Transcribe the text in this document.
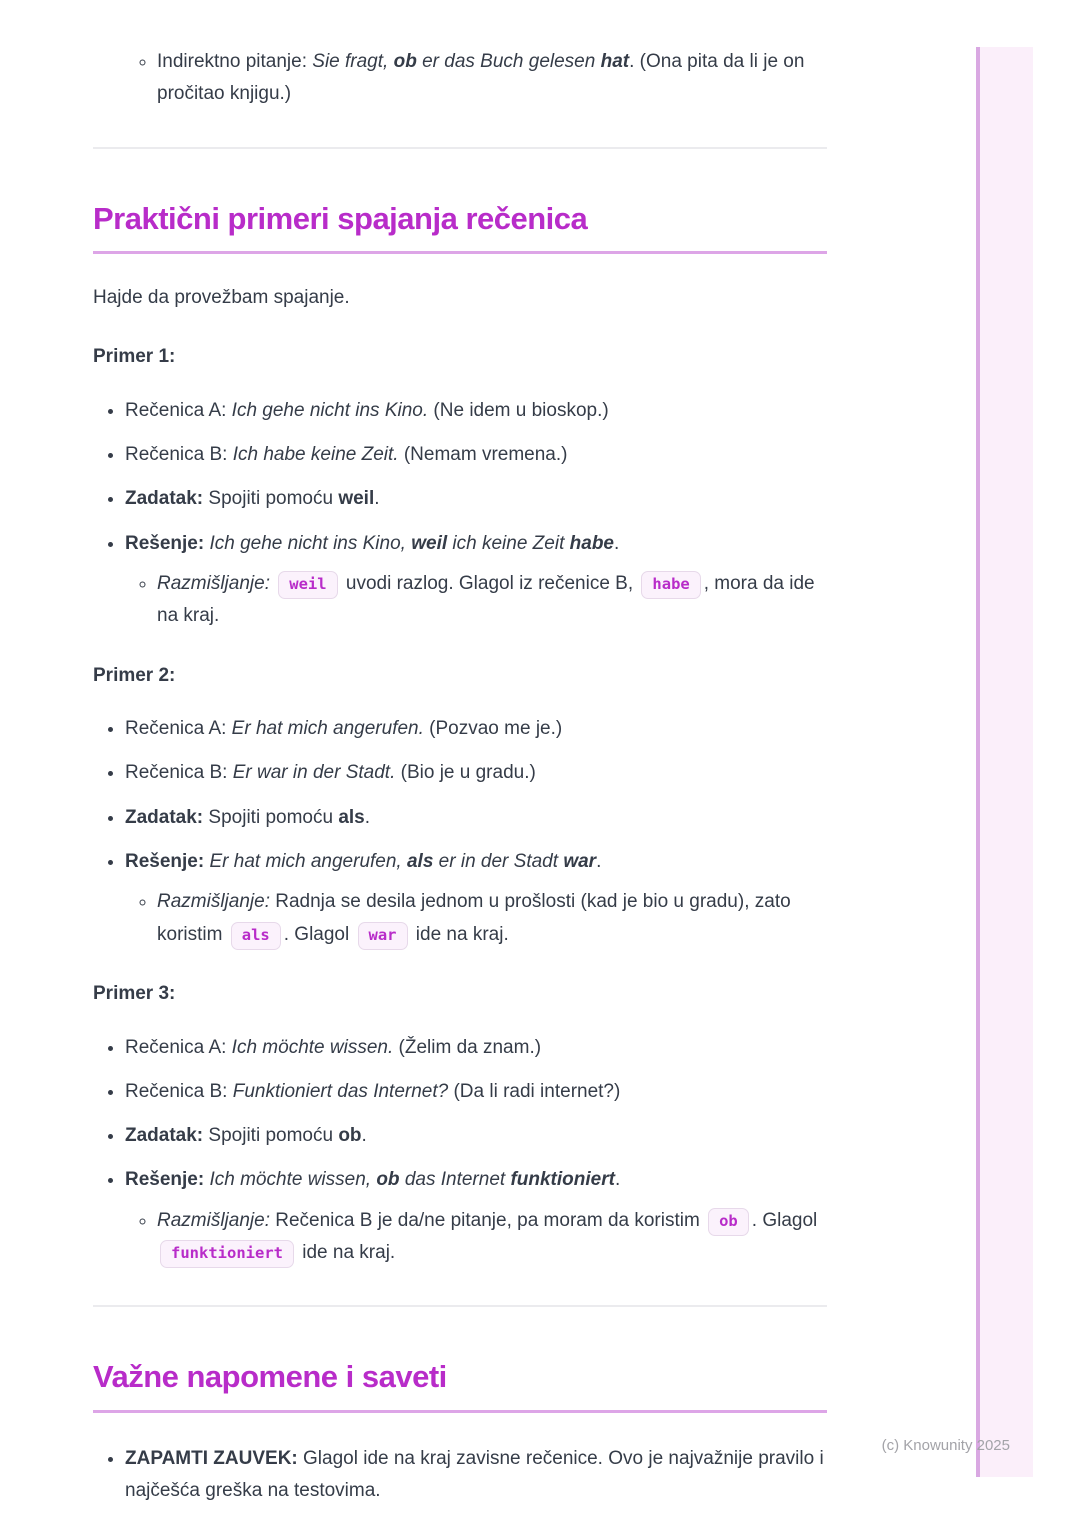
◦ Indirektno pitanje: Sie fragt, ob er das Buch gelesen hat. (Ona pita da li je on pročitao knjigu.)
Praktični primeri spajanja rečenica

Hajde da provežbam spajanje.

Primer 1:
• Rečenica A: Ich gehe nicht ins Kino. (Ne idem u bioskop.)
• Rečenica B: Ich habe keine Zeit. (Nemam vremena.)
• Zadatak: Spojiti pomoću weil.
• Rešenje: Ich gehe nicht ins Kino, weil ich keine Zeit habe.
◦ Razmišljanje: weil uvodi razlog. Glagol iz rečenice B, habe , mora da ide na kraj.
Primer 2:
• Rečenica A: Er hat mich angerufen. (Pozvao me je.)
• Rečenica B: Er war in der Stadt. (Bio je u gradu.)
• Zadatak: Spojiti pomoću als.
• Rešenje: Er hat mich angerufen, als er in der Stadt war.
◦ Razmišljanje: Radnja se desila jednom u prošlosti (kad je bio u gradu), zato koristim als . Glagol war ide na kraj.
Primer 3:
• Rečenica A: Ich möchte wissen. (Želim da znam.)
• Rečenica B: Funktioniert das Internet? (Da li radi internet?)
• Zadatak: Spojiti pomoću ob.
• Rešenje: Ich möchte wissen, ob das Internet funktioniert.
◦ Razmišljanje: Rečenica B je da/ne pitanje, pa moram da koristim ob . Glagol funktioniert ide na kraj.
Važne napomene i saveti
• ZAPAMTI ZAUVEK: Glagol ide na kraj zavisne rečenice. Ovo je najvažnije pravilo i najčešća greška na testovima.
(c) Knowunity 2025
